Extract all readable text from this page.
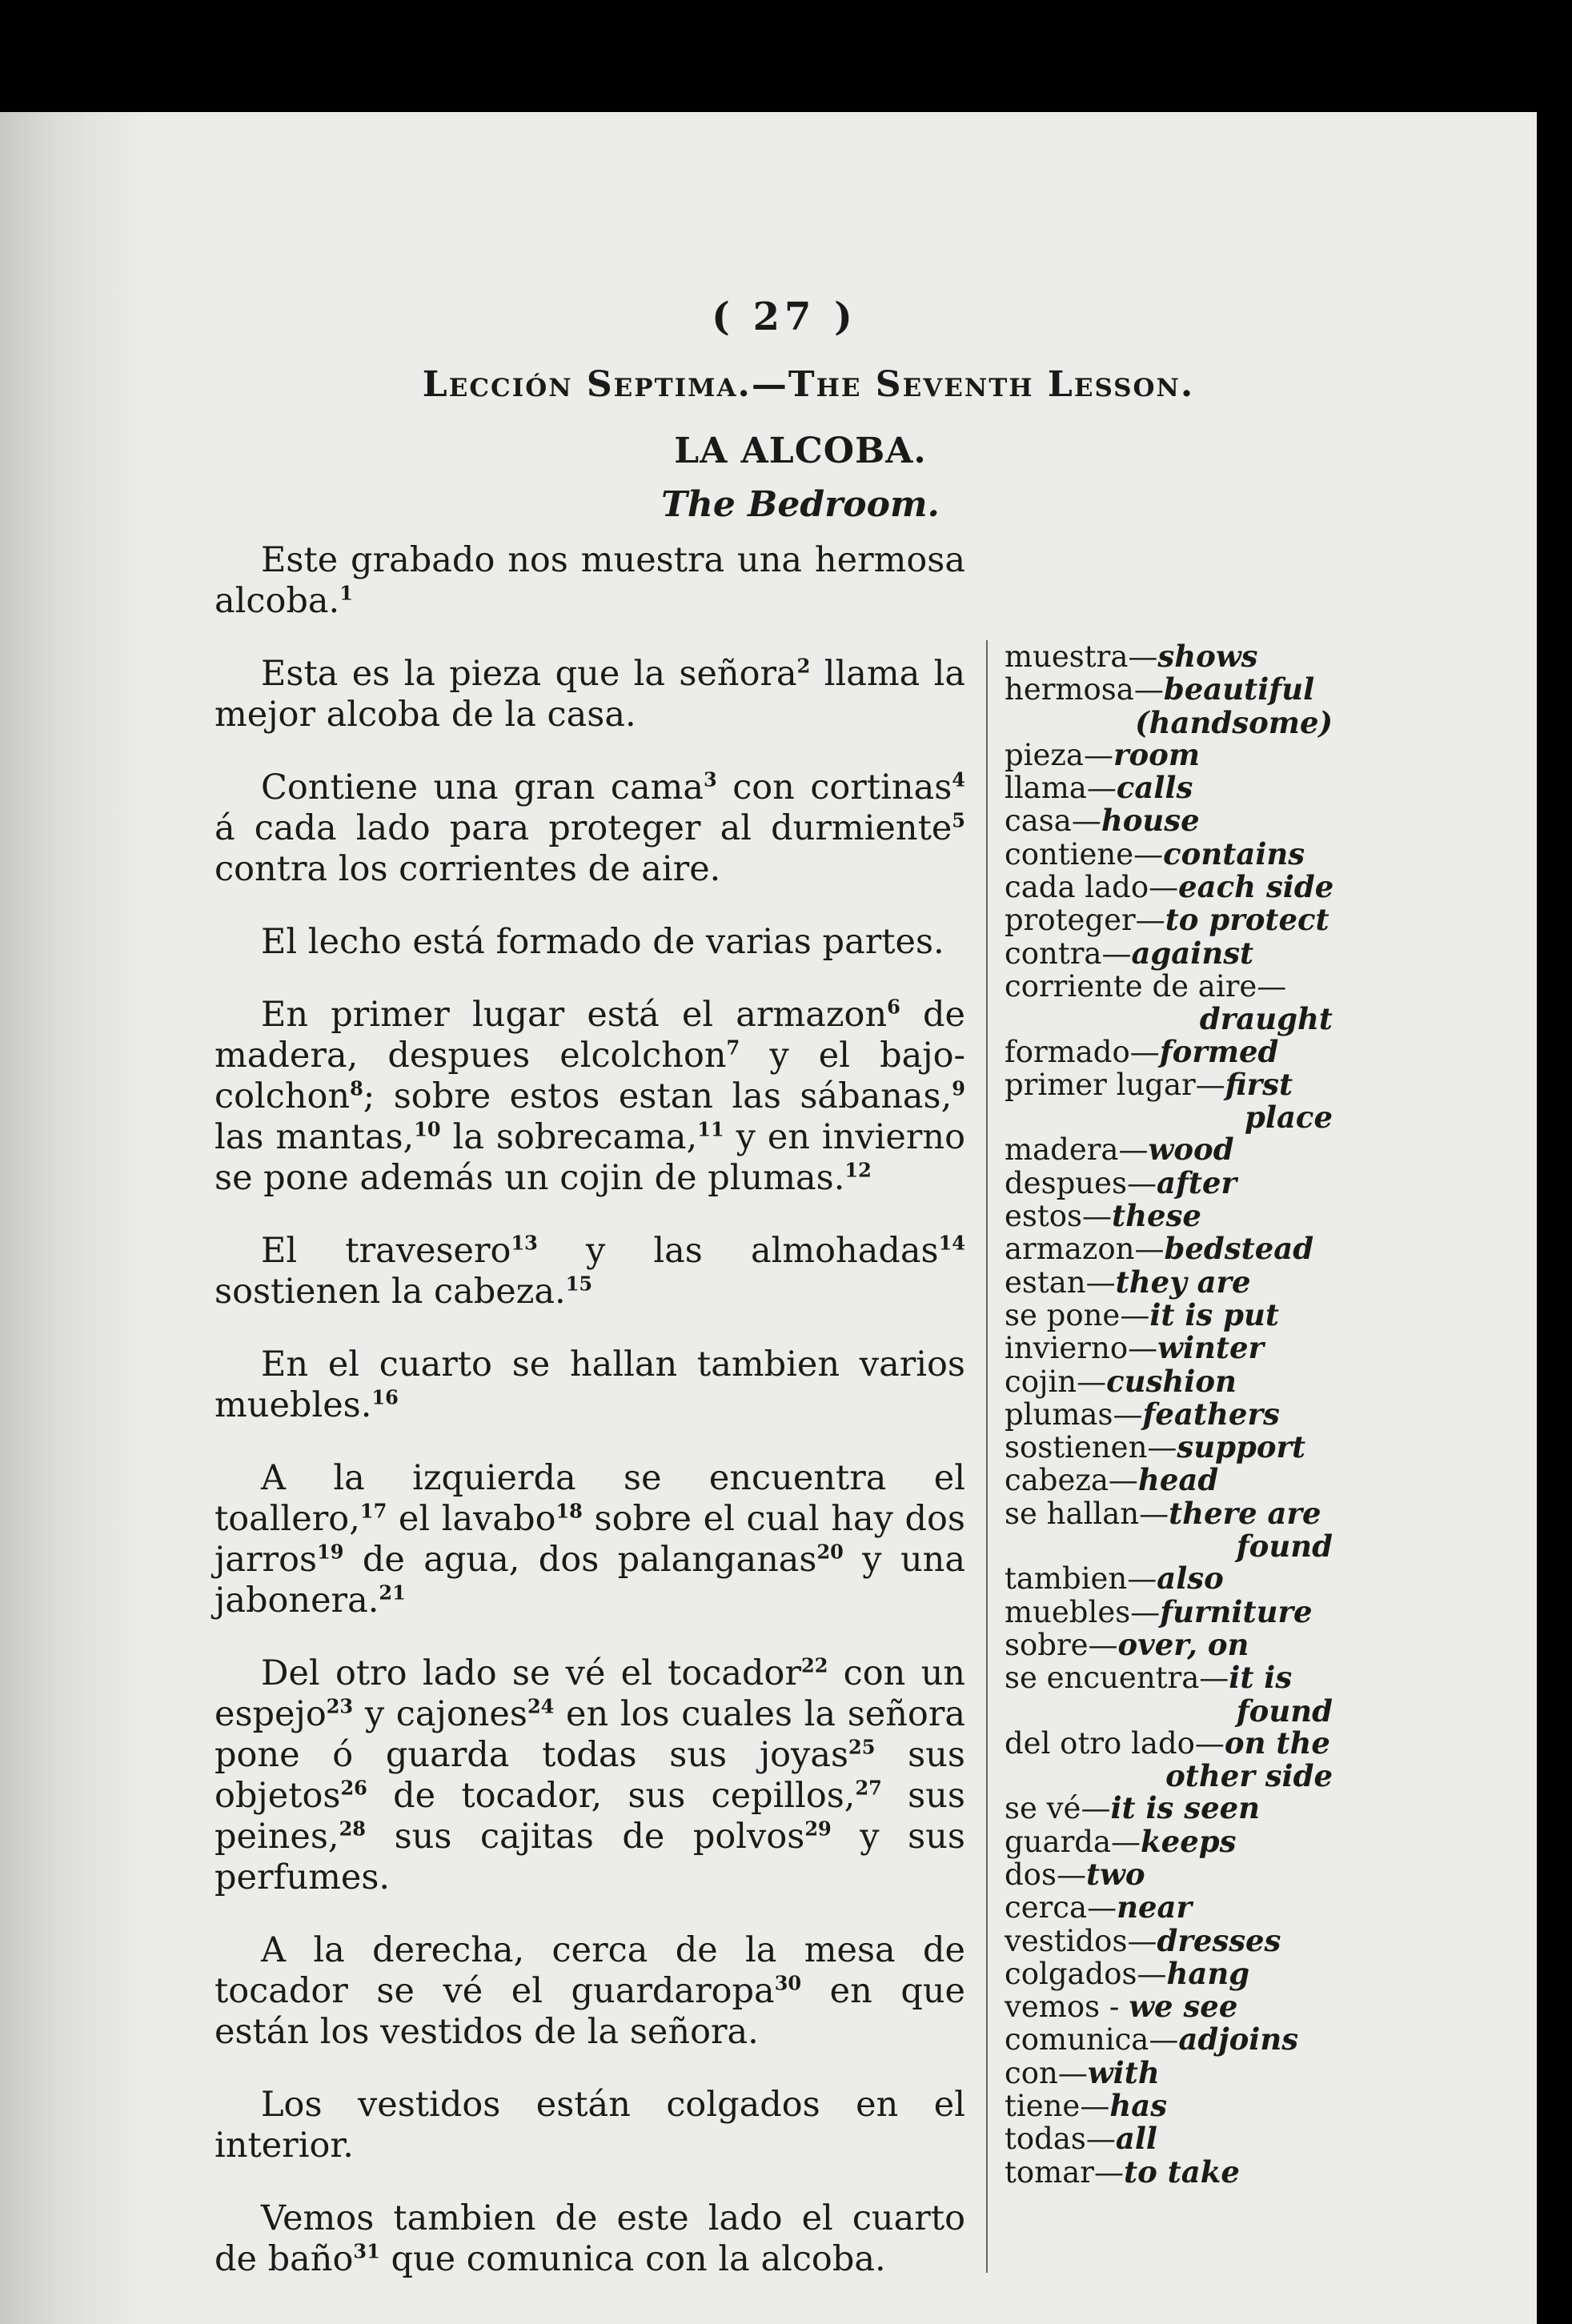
( 27 )
Lección Septima.—The Seventh Lesson.
LA ALCOBA.
The Bedroom.

Este grabado nos muestra una hermosa alcoba.$^1$

Esta es la pieza que la señora$^2$ llama la mejor alcoba de la casa.

Contiene una gran cama$^3$ con cortinas$^4$ á cada lado para proteger al durmiente$^5$ contra los corrientes de aire.

El lecho está formado de varias partes.

En primer lugar está el armazon$^6$ de madera, despues elcolchon$^7$ y el bajo-colchon$^8$; sobre estos estan las sábanas,$^9$ las mantas,$^{10}$ la sobrecama,$^{11}$ y en invierno se pone además un cojin de plumas.$^{12}$

El travesero$^{13}$ y las almohadas$^{14}$ sostienen la cabeza.$^{15}$

En el cuarto se hallan tambien varios muebles.$^{16}$

A la izquierda se encuentra el toallero,$^{17}$ el lavabo$^{18}$ sobre el cual hay dos jarros$^{19}$ de agua, dos palanganas$^{20}$ y una jabonera.$^{21}$

Del otro lado se vé el tocador$^{22}$ con un espejo$^{23}$ y cajones$^{24}$ en los cuales la señora pone ó guarda todas sus joyas$^{25}$ sus objetos$^{26}$ de tocador, sus cepillos,$^{27}$ sus peines,$^{28}$ sus cajitas de polvos$^{29}$ y sus perfumes.

A la derecha, cerca de la mesa de tocador se vé el guardaropa$^{30}$ en que están los vestidos de la señora.

Los vestidos están colgados en el interior.

Vemos tambien de este lado el cuarto de baño$^{31}$ que comunica con la alcoba.

muestra—shows
hermosa—beautiful
(handsome)
pieza—room
llama—calls
casa—house
contiene—contains
cada lado—each side
proteger—to protect
contra—against
corriente de aire—
draught
formado—formed
primer lugar—first
place
madera—wood
despues—after
estos—these
armazon—bedstead
estan—they are
se pone—it is put
invierno—winter
cojin—cushion
plumas—feathers
sostienen—support
cabeza—head
se hallan—there are
found
tambien—also
muebles—furniture
sobre—over, on
se encuentra—it is
found
del otro lado—on the
other side
se vé—it is seen
guarda—keeps
dos—two
cerca—near
vestidos—dresses
colgados—hang
vemos - we see
comunica—adjoins
con—with
tiene—has
todas—all
tomar—to take
